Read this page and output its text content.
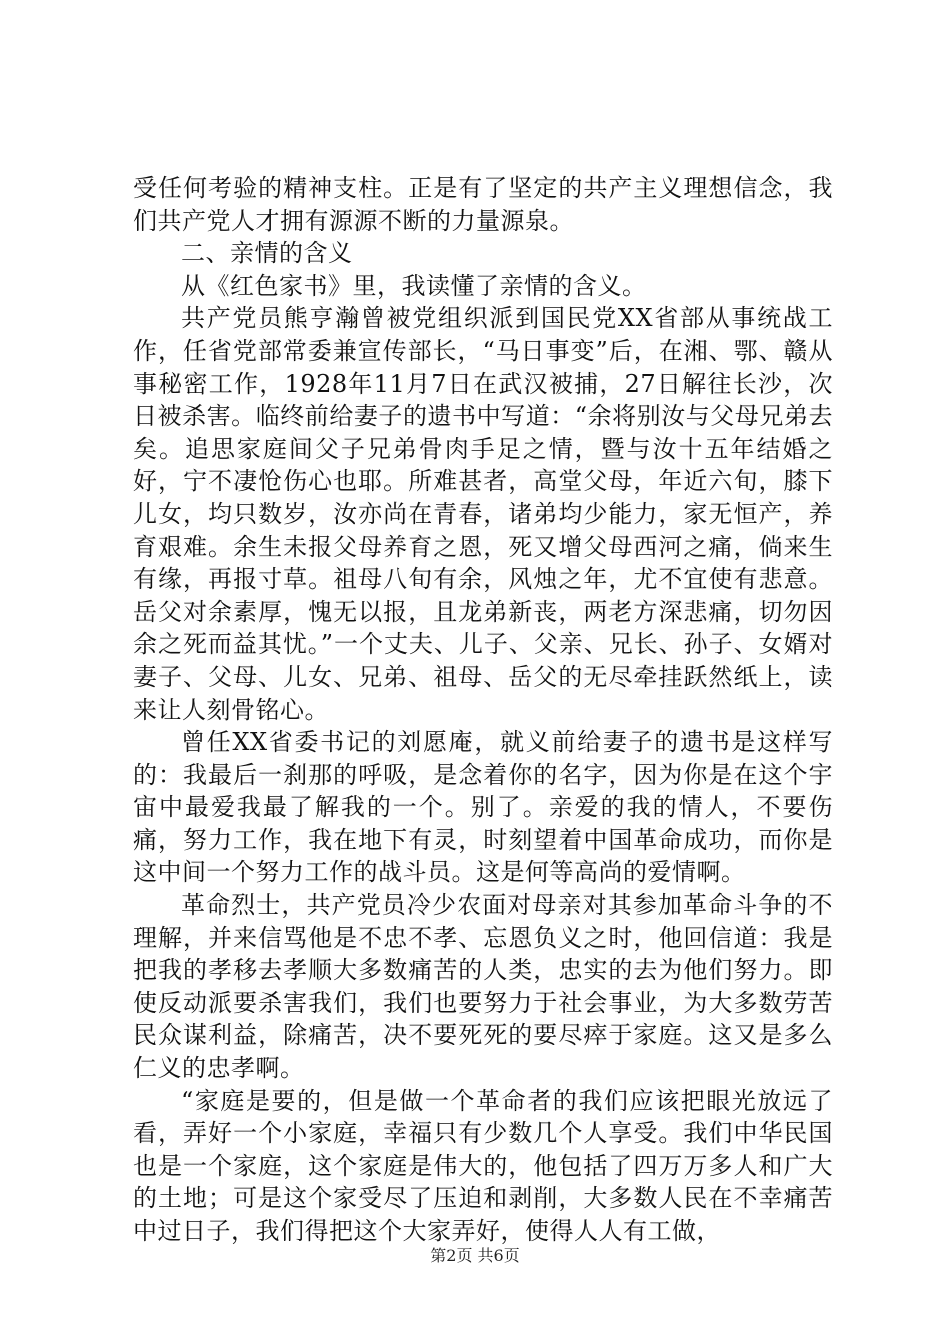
受任何考验的精神支柱。正是有了坚定的共产主义理想信念，我们共产党人才拥有源源不断的力量源泉。

二、亲情的含义

从《红色家书》里，我读懂了亲情的含义。

共产党员熊亨瀚曾被党组织派到国民党XX省部从事统战工作，任省党部常委兼宣传部长，“马日事变”后，在湘、鄂、赣从事秘密工作，1928年11月7日在武汉被捕，27日解往长沙，次日被杀害。临终前给妻子的遗书中写道：“余将别汝与父母兄弟去矣。追思家庭间父子兄弟骨肉手足之情，暨与汝十五年结婚之好，宁不凄怆伤心也耶。所难甚者，高堂父母，年近六旬，膝下儿女，均只数岁，汝亦尚在青春，诸弟均少能力，家无恒产，养育艰难。余生未报父母养育之恩，死又增父母西河之痛，倘来生有缘，再报寸草。祖母八旬有余，风烛之年，尤不宜使有悲意。岳父对余素厚，愧无以报，且龙弟新丧，两老方深悲痛，切勿因余之死而益其忧。”一个丈夫、儿子、父亲、兄长、孙子、女婿对妻子、父母、儿女、兄弟、祖母、岳父的无尽牵挂跃然纸上，读来让人刻骨铭心。

曾任XX省委书记的刘愿庵，就义前给妻子的遗书是这样写的：我最后一刹那的呼吸，是念着你的名字，因为你是在这个宇宙中最爱我最了解我的一个。别了。亲爱的我的情人，不要伤痛，努力工作，我在地下有灵，时刻望着中国革命成功，而你是这中间一个努力工作的战斗员。这是何等高尚的爱情啊。

革命烈士，共产党员冷少农面对母亲对其参加革命斗争的不理解，并来信骂他是不忠不孝、忘恩负义之时，他回信道：我是把我的孝移去孝顺大多数痛苦的人类，忠实的去为他们努力。即使反动派要杀害我们，我们也要努力于社会事业，为大多数劳苦民众谋利益，除痛苦，决不要死死的要尽瘁于家庭。这又是多么仁义的忠孝啊。

“家庭是要的，但是做一个革命者的我们应该把眼光放远了看，弄好一个小家庭，幸福只有少数几个人享受。我们中华民国也是一个家庭，这个家庭是伟大的，他包括了四万万多人和广大的土地；可是这个家受尽了压迫和剥削，大多数人民在不幸痛苦中过日子，我们得把这个大家弄好，使得人人有工做，

第2页 共6页
